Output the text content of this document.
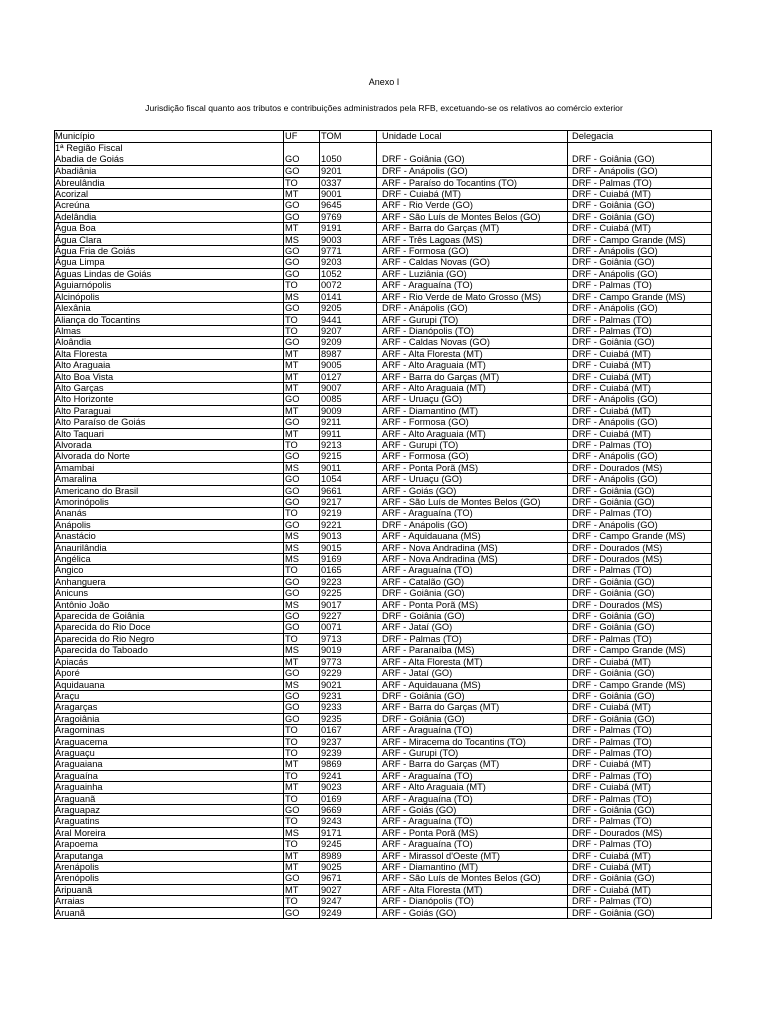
Anexo I
Jurisdição fiscal quanto aos tributos e contribuições administrados pela RFB, excetuando-se os relativos ao comércio exterior
Município	UF	TOM	Unidade Local	Delegacia
1ª Região Fiscal
Abadia de Goiás	GO	1050	DRF - Goiânia (GO)	DRF - Goiânia (GO)
Abadiânia	GO	9201	DRF - Anápolis (GO)	DRF - Anápolis (GO)
Abreulândia	TO	0337	ARF - Paraíso do Tocantins (TO)	DRF - Palmas (TO)
Acorizal	MT	9001	DRF - Cuiabá (MT)	DRF - Cuiabá (MT)
Acreúna	GO	9645	ARF - Rio Verde (GO)	DRF - Goiânia (GO)
Adelândia	GO	9769	ARF - São Luís de Montes Belos (GO)	DRF - Goiânia (GO)
Água Boa	MT	9191	ARF - Barra do Garças (MT)	DRF - Cuiabá (MT)
Água Clara	MS	9003	ARF - Três Lagoas (MS)	DRF - Campo Grande (MS)
Água Fria de Goiás	GO	9771	ARF - Formosa (GO)	DRF - Anápolis (GO)
Água Limpa	GO	9203	ARF - Caldas Novas (GO)	DRF - Goiânia (GO)
Águas Lindas de Goiás	GO	1052	ARF - Luziânia (GO)	DRF - Anápolis (GO)
Aguiarnópolis	TO	0072	ARF - Araguaína (TO)	DRF - Palmas (TO)
Alcinópolis	MS	0141	ARF - Rio Verde de Mato Grosso (MS)	DRF - Campo Grande (MS)
Alexânia	GO	9205	DRF - Anápolis (GO)	DRF - Anápolis (GO)
Aliança do Tocantins	TO	9441	ARF - Gurupi (TO)	DRF - Palmas (TO)
Almas	TO	9207	ARF - Dianópolis (TO)	DRF - Palmas (TO)
Aloândia	GO	9209	ARF - Caldas Novas (GO)	DRF - Goiânia (GO)
Alta Floresta	MT	8987	ARF - Alta Floresta (MT)	DRF - Cuiabá (MT)
Alto Araguaia	MT	9005	ARF - Alto Araguaia (MT)	DRF - Cuiabá (MT)
Alto Boa Vista	MT	0127	ARF - Barra do Garças (MT)	DRF - Cuiabá (MT)
Alto Garças	MT	9007	ARF - Alto Araguaia (MT)	DRF - Cuiabá (MT)
Alto Horizonte	GO	0085	ARF - Uruaçu (GO)	DRF - Anápolis (GO)
Alto Paraguai	MT	9009	ARF - Diamantino (MT)	DRF - Cuiabá (MT)
Alto Paraíso de Goiás	GO	9211	ARF - Formosa (GO)	DRF - Anápolis (GO)
Alto Taquari	MT	9911	ARF - Alto Araguaia (MT)	DRF - Cuiabá (MT)
Alvorada	TO	9213	ARF - Gurupi (TO)	DRF - Palmas (TO)
Alvorada do Norte	GO	9215	ARF - Formosa (GO)	DRF - Anápolis (GO)
Amambai	MS	9011	ARF - Ponta Porã (MS)	DRF - Dourados (MS)
Amaralina	GO	1054	ARF - Uruaçu (GO)	DRF - Anápolis (GO)
Americano do Brasil	GO	9661	ARF - Goiás (GO)	DRF - Goiânia (GO)
Amorinópolis	GO	9217	ARF - São Luís de Montes Belos (GO)	DRF - Goiânia (GO)
Ananás	TO	9219	ARF - Araguaína (TO)	DRF - Palmas (TO)
Anápolis	GO	9221	DRF - Anápolis (GO)	DRF - Anápolis (GO)
Anastácio	MS	9013	ARF - Aquidauana (MS)	DRF - Campo Grande (MS)
Anaurilândia	MS	9015	ARF - Nova Andradina (MS)	DRF - Dourados (MS)
Angélica	MS	9169	ARF - Nova Andradina (MS)	DRF - Dourados (MS)
Angico	TO	0165	ARF - Araguaína (TO)	DRF - Palmas (TO)
Anhanguera	GO	9223	ARF - Catalão (GO)	DRF - Goiânia (GO)
Anicuns	GO	9225	DRF - Goiânia (GO)	DRF - Goiânia (GO)
Antônio João	MS	9017	ARF - Ponta Porã (MS)	DRF - Dourados (MS)
Aparecida de Goiânia	GO	9227	DRF - Goiânia (GO)	DRF - Goiânia (GO)
Aparecida do Rio Doce	GO	0071	ARF - Jataí (GO)	DRF - Goiânia (GO)
Aparecida do Rio Negro	TO	9713	DRF - Palmas (TO)	DRF - Palmas (TO)
Aparecida do Taboado	MS	9019	ARF - Paranaíba (MS)	DRF - Campo Grande (MS)
Apiacás	MT	9773	ARF - Alta Floresta (MT)	DRF - Cuiabá (MT)
Aporé	GO	9229	ARF - Jataí (GO)	DRF - Goiânia (GO)
Aquidauana	MS	9021	ARF - Aquidauana (MS)	DRF - Campo Grande (MS)
Araçu	GO	9231	DRF - Goiânia (GO)	DRF - Goiânia (GO)
Aragarças	GO	9233	ARF - Barra do Garças (MT)	DRF - Cuiabá (MT)
Aragoiânia	GO	9235	DRF - Goiânia (GO)	DRF - Goiânia (GO)
Aragominas	TO	0167	ARF - Araguaína (TO)	DRF - Palmas (TO)
Araguacema	TO	9237	ARF - Miracema do Tocantins (TO)	DRF - Palmas (TO)
Araguaçu	TO	9239	ARF - Gurupi (TO)	DRF - Palmas (TO)
Araguaiana	MT	9869	ARF - Barra do Garças (MT)	DRF - Cuiabá (MT)
Araguaína	TO	9241	ARF - Araguaína (TO)	DRF - Palmas (TO)
Araguainha	MT	9023	ARF - Alto Araguaia (MT)	DRF - Cuiabá (MT)
Araguanã	TO	0169	ARF - Araguaína (TO)	DRF - Palmas (TO)
Araguapaz	GO	9669	ARF - Goiás (GO)	DRF - Goiânia (GO)
Araguatins	TO	9243	ARF - Araguaína (TO)	DRF - Palmas (TO)
Aral Moreira	MS	9171	ARF - Ponta Porã (MS)	DRF - Dourados (MS)
Arapoema	TO	9245	ARF - Araguaína (TO)	DRF - Palmas (TO)
Araputanga	MT	8989	ARF - Mirassol d'Oeste (MT)	DRF - Cuiabá (MT)
Arenápolis	MT	9025	ARF - Diamantino (MT)	DRF - Cuiabá (MT)
Arenópolis	GO	9671	ARF - São Luís de Montes Belos (GO)	DRF - Goiânia (GO)
Aripuanã	MT	9027	ARF - Alta Floresta (MT)	DRF - Cuiabá (MT)
Arraias	TO	9247	ARF - Dianópolis (TO)	DRF - Palmas (TO)
Aruanã	GO	9249	ARF - Goiás (GO)	DRF - Goiânia (GO)
